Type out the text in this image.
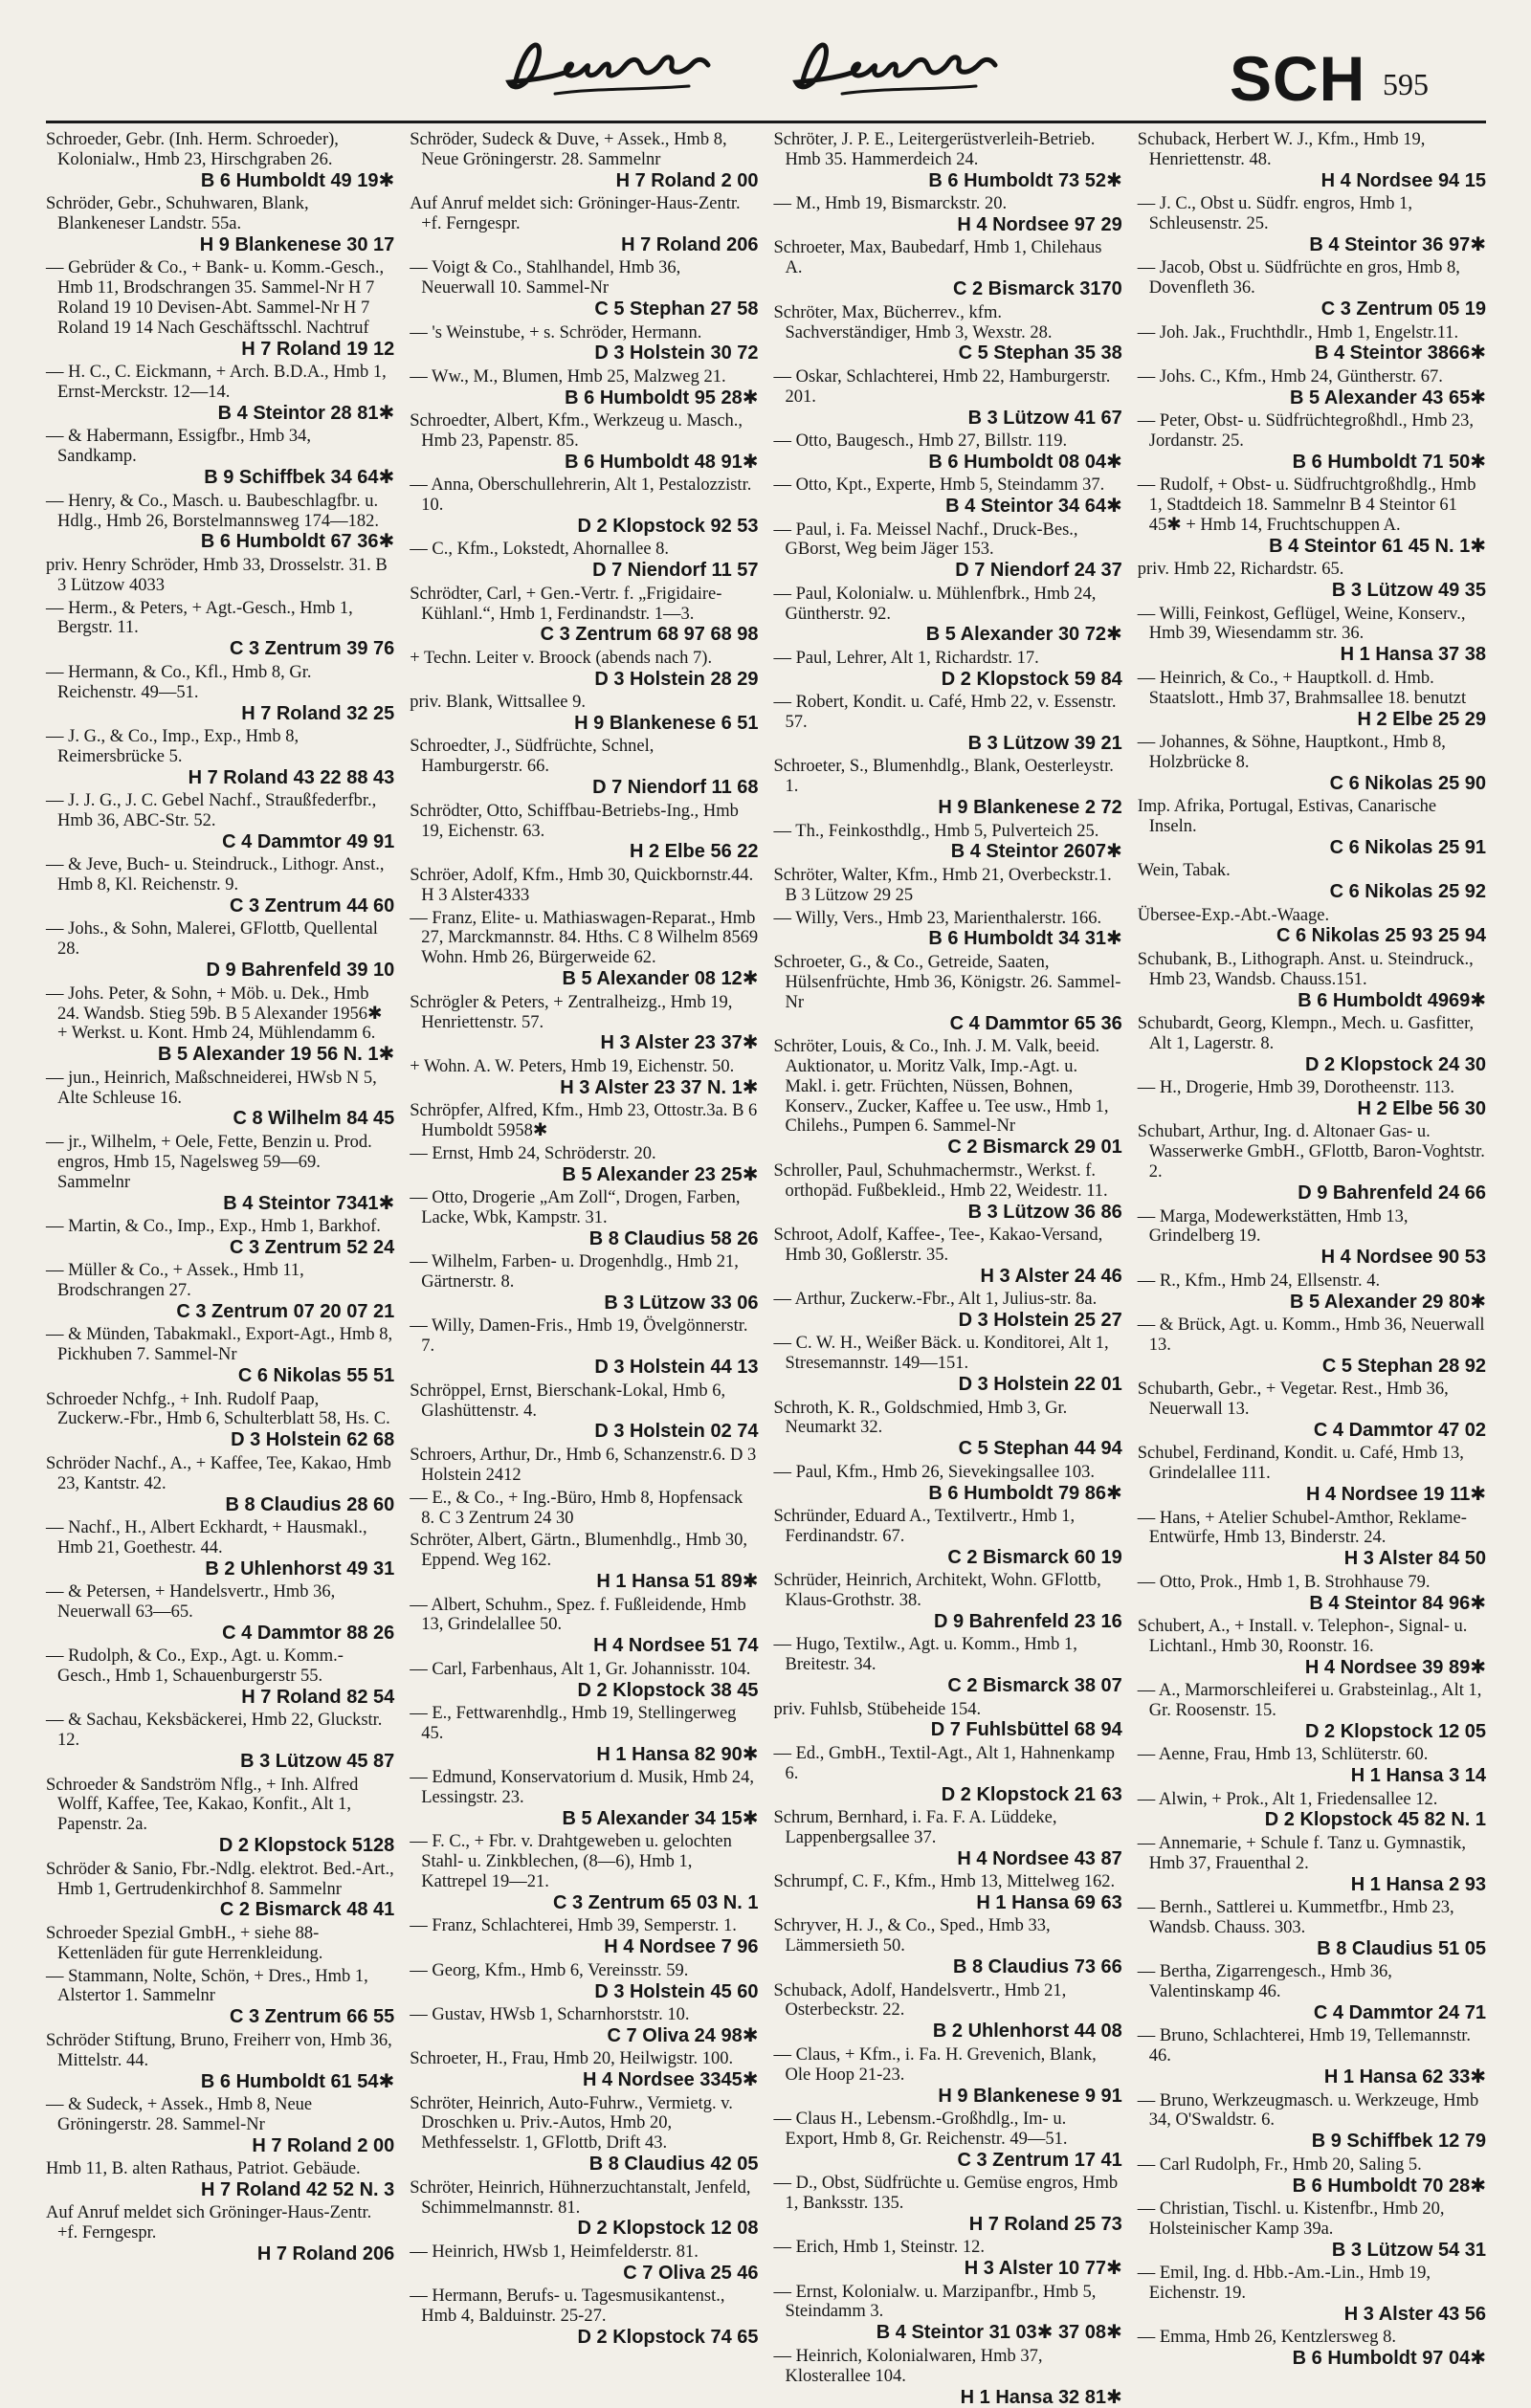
SCH 595
Schroeder, Gebr. (Inh. Herm. Schroeder), Kolonialw., Hmb 23, Hirschgraben 26.
B 6 Humboldt 49 19✱
Schröder, Gebr., Schuhwaren, Blank, Blankeneser Landstr. 55a.
H 9 Blankenese 30 17
— Gebrüder & Co., + Bank- u. Komm.-Gesch., Hmb 11, Brodschrangen 35. Sammel-Nr H 7 Roland 19 10 Devisen-Abt. Sammel-Nr H 7 Roland 19 14 Nach Geschäftsschl. Nachtruf
H 7 Roland 19 12
— H. C., C. Eickmann, + Arch. B.D.A., Hmb 1, Ernst-Merckstr. 12—14.
B 4 Steintor 28 81✱
— & Habermann, Essigfbr., Hmb 34, Sandkamp.
B 9 Schiffbek 34 64✱
— Henry, & Co., Masch. u. Baubeschlagfbr. u. Hdlg., Hmb 26, Borstelmannsweg 174—182.
B 6 Humboldt 67 36✱
priv. Henry Schröder, Hmb 33, Drosselstr. 31. B 3 Lützow 4033
— Herm., & Peters, + Agt.-Gesch., Hmb 1, Bergstr. 11.
C 3 Zentrum 39 76
— Hermann, & Co., Kfl., Hmb 8, Gr. Reichenstr. 49—51.
H 7 Roland 32 25
— J. G., & Co., Imp., Exp., Hmb 8, Reimersbrücke 5.
H 7 Roland 43 22 88 43
— J. J. G., J. C. Gebel Nachf., Straußfederfbr., Hmb 36, ABC-Str. 52.
C 4 Dammtor 49 91
— & Jeve, Buch- u. Steindruck., Lithogr. Anst., Hmb 8, Kl. Reichenstr. 9.
C 3 Zentrum 44 60
— Johs., & Sohn, Malerei, GFlottb, Quellental 28.
D 9 Bahrenfeld 39 10
— Johs. Peter, & Sohn, + Möb. u. Dek., Hmb 24. Wandsb. Stieg 59b. B 5 Alexander 1956✱ + Werkst. u. Kont. Hmb 24, Mühlendamm 6.
B 5 Alexander 19 56 N. 1✱
— jun., Heinrich, Maßschneiderei, HWsb N 5, Alte Schleuse 16.
C 8 Wilhelm 84 45
— jr., Wilhelm, + Oele, Fette, Benzin u. Prod. engros, Hmb 15, Nagelsweg 59—69. Sammelnr
B 4 Steintor 7341✱
— Martin, & Co., Imp., Exp., Hmb 1, Barkhof.
C 3 Zentrum 52 24
— Müller & Co., + Assek., Hmb 11, Brodschrangen 27.
C 3 Zentrum 07 20 07 21
— & Münden, Tabakmakl., Export-Agt., Hmb 8, Pickhuben 7. Sammel-Nr
C 6 Nikolas 55 51
Schroeder Nchfg., + Inh. Rudolf Paap, Zuckerw.-Fbr., Hmb 6, Schulterblatt 58, Hs. C.
D 3 Holstein 62 68
Schröder Nachf., A., + Kaffee, Tee, Kakao, Hmb 23, Kantstr. 42.
B 8 Claudius 28 60
— Nachf., H., Albert Eckhardt, + Hausmakl., Hmb 21, Goethestr. 44.
B 2 Uhlenhorst 49 31
— & Petersen, + Handelsvertr., Hmb 36, Neuerwall 63—65.
C 4 Dammtor 88 26
— Rudolph, & Co., Exp., Agt. u. Komm.-Gesch., Hmb 1, Schauenburgerstr 55.
H 7 Roland 82 54
— & Sachau, Keksbäckerei, Hmb 22, Gluckstr. 12.
B 3 Lützow 45 87
Schroeder & Sandström Nflg., + Inh. Alfred Wolff, Kaffee, Tee, Kakao, Konfit., Alt 1, Papenstr. 2a.
D 2 Klopstock 5128
Schröder & Sanio, Fbr.-Ndlg. elektrot. Bed.-Art., Hmb 1, Gertrudenkirchhof 8. Sammelnr
C 2 Bismarck 48 41
Schroeder Spezial GmbH., + siehe 88-Kettenläden für gute Herrenkleidung.
— Stammann, Nolte, Schön, + Dres., Hmb 1, Alstertor 1. Sammelnr
C 3 Zentrum 66 55
Schröder Stiftung, Bruno, Freiherr von, Hmb 36, Mittelstr. 44.
B 6 Humboldt 61 54✱
— & Sudeck, + Assek., Hmb 8, Neue Gröningerstr. 28. Sammel-Nr
H 7 Roland 2 00
Hmb 11, B. alten Rathaus, Patriot. Gebäude.
H 7 Roland 42 52 N. 3
Auf Anruf meldet sich Gröninger-Haus-Zentr. +f. Ferngespr.
H 7 Roland 206
Schröder, Sudeck & Duve, + Assek., Hmb 8, Neue Gröningerstr. 28. Sammelnr
H 7 Roland 2 00
Auf Anruf meldet sich: Gröninger-Haus-Zentr. +f. Ferngespr.
H 7 Roland 206
— Voigt & Co., Stahlhandel, Hmb 36, Neuerwall 10. Sammel-Nr
C 5 Stephan 27 58
— 's Weinstube, + s. Schröder, Hermann.
D 3 Holstein 30 72
— Ww., M., Blumen, Hmb 25, Malzweg 21.
B 6 Humboldt 95 28✱
Schroedter, Albert, Kfm., Werkzeug u. Masch., Hmb 23, Papenstr. 85.
B 6 Humboldt 48 91✱
— Anna, Oberschullehrerin, Alt 1, Pestalozzistr. 10.
D 2 Klopstock 92 53
— C., Kfm., Lokstedt, Ahornallee 8.
D 7 Niendorf 11 57
Schrödter, Carl, + Gen.-Vertr. f. „Frigidaire-Kühlanl.“, Hmb 1, Ferdinandstr. 1—3.
C 3 Zentrum 68 97 68 98
+ Techn. Leiter v. Broock (abends nach 7).
D 3 Holstein 28 29
priv. Blank, Wittsallee 9.
H 9 Blankenese 6 51
Schroedter, J., Südfrüchte, Schnel, Hamburgerstr. 66.
D 7 Niendorf 11 68
Schrödter, Otto, Schiffbau-Betriebs-Ing., Hmb 19, Eichenstr. 63.
H 2 Elbe 56 22
Schröer, Adolf, Kfm., Hmb 30, Quickbornstr.44. H 3 Alster4333
— Franz, Elite- u. Mathiaswagen-Reparat., Hmb 27, Marckmannstr. 84. Hths. C 8 Wilhelm 8569 Wohn. Hmb 26, Bürgerweide 62.
B 5 Alexander 08 12✱
Schrögler & Peters, + Zentralheizg., Hmb 19, Henriettenstr. 57.
H 3 Alster 23 37✱
+ Wohn. A. W. Peters, Hmb 19, Eichenstr. 50.
H 3 Alster 23 37 N. 1✱
Schröpfer, Alfred, Kfm., Hmb 23, Ottostr.3a. B 6 Humboldt 5958✱
— Ernst, Hmb 24, Schröderstr. 20.
B 5 Alexander 23 25✱
— Otto, Drogerie „Am Zoll“, Drogen, Farben, Lacke, Wbk, Kampstr. 31.
B 8 Claudius 58 26
— Wilhelm, Farben- u. Drogenhdlg., Hmb 21, Gärtnerstr. 8.
B 3 Lützow 33 06
— Willy, Damen-Fris., Hmb 19, Övelgönnerstr. 7.
D 3 Holstein 44 13
Schröppel, Ernst, Bierschank-Lokal, Hmb 6, Glashüttenstr. 4.
D 3 Holstein 02 74
Schroers, Arthur, Dr., Hmb 6, Schanzenstr.6. D 3 Holstein 2412
— E., & Co., + Ing.-Büro, Hmb 8, Hopfensack 8. C 3 Zentrum 24 30
Schröter, Albert, Gärtn., Blumenhdlg., Hmb 30, Eppend. Weg 162.
H 1 Hansa 51 89✱
— Albert, Schuhm., Spez. f. Fußleidende, Hmb 13, Grindelallee 50.
H 4 Nordsee 51 74
— Carl, Farbenhaus, Alt 1, Gr. Johannisstr. 104.
D 2 Klopstock 38 45
— E., Fettwarenhdlg., Hmb 19, Stellingerweg 45.
H 1 Hansa 82 90✱
— Edmund, Konservatorium d. Musik, Hmb 24, Lessingstr. 23.
B 5 Alexander 34 15✱
— F. C., + Fbr. v. Drahtgeweben u. gelochten Stahl- u. Zinkblechen, (8—6), Hmb 1, Kattrepel 19—21.
C 3 Zentrum 65 03 N. 1
— Franz, Schlachterei, Hmb 39, Semperstr. 1.
H 4 Nordsee 7 96
— Georg, Kfm., Hmb 6, Vereinsstr. 59.
D 3 Holstein 45 60
— Gustav, HWsb 1, Scharnhorststr. 10.
C 7 Oliva 24 98✱
Schroeter, H., Frau, Hmb 20, Heilwigstr. 100.
H 4 Nordsee 3345✱
Schröter, Heinrich, Auto-Fuhrw., Vermietg. v. Droschken u. Priv.-Autos, Hmb 20, Methfesselstr. 1, GFlottb, Drift 43.
B 8 Claudius 42 05
Schröter, Heinrich, Hühnerzuchtanstalt, Jenfeld, Schimmelmannstr. 81.
D 2 Klopstock 12 08
— Heinrich, HWsb 1, Heimfelderstr. 81.
C 7 Oliva 25 46
— Hermann, Berufs- u. Tagesmusikantenst., Hmb 4, Balduinstr. 25-27.
D 2 Klopstock 74 65
Schröter, J. P. E., Leitergerüstverleih-Betrieb. Hmb 35. Hammerdeich 24.
B 6 Humboldt 73 52✱
— M., Hmb 19, Bismarckstr. 20.
H 4 Nordsee 97 29
Schroeter, Max, Baubedarf, Hmb 1, Chilehaus A.
C 2 Bismarck 3170
Schröter, Max, Bücherrev., kfm. Sachverständiger, Hmb 3, Wexstr. 28.
C 5 Stephan 35 38
— Oskar, Schlachterei, Hmb 22, Hamburgerstr. 201.
B 3 Lützow 41 67
— Otto, Baugesch., Hmb 27, Billstr. 119.
B 6 Humboldt 08 04✱
— Otto, Kpt., Experte, Hmb 5, Steindamm 37.
B 4 Steintor 34 64✱
— Paul, i. Fa. Meissel Nachf., Druck-Bes., GBorst, Weg beim Jäger 153.
D 7 Niendorf 24 37
— Paul, Kolonialw. u. Mühlenfbrk., Hmb 24, Güntherstr. 92.
B 5 Alexander 30 72✱
— Paul, Lehrer, Alt 1, Richardstr. 17.
D 2 Klopstock 59 84
— Robert, Kondit. u. Café, Hmb 22, v. Essenstr. 57.
B 3 Lützow 39 21
Schroeter, S., Blumenhdlg., Blank, Oesterleystr. 1.
H 9 Blankenese 2 72
— Th., Feinkosthdlg., Hmb 5, Pulverteich 25.
B 4 Steintor 2607✱
Schröter, Walter, Kfm., Hmb 21, Overbeckstr.1. B 3 Lützow 29 25
— Willy, Vers., Hmb 23, Marienthalerstr. 166.
B 6 Humboldt 34 31✱
Schroeter, G., & Co., Getreide, Saaten, Hülsenfrüchte, Hmb 36, Königstr. 26. Sammel-Nr
C 4 Dammtor 65 36
Schröter, Louis, & Co., Inh. J. M. Valk, beeid. Auktionator, u. Moritz Valk, Imp.-Agt. u. Makl. i. getr. Früchten, Nüssen, Bohnen, Konserv., Zucker, Kaffee u. Tee usw., Hmb 1, Chilehs., Pumpen 6. Sammel-Nr
C 2 Bismarck 29 01
Schroller, Paul, Schuhmachermstr., Werkst. f. orthopäd. Fußbekleid., Hmb 22, Weidestr. 11.
B 3 Lützow 36 86
Schroot, Adolf, Kaffee-, Tee-, Kakao-Versand, Hmb 30, Goßlerstr. 35.
H 3 Alster 24 46
— Arthur, Zuckerw.-Fbr., Alt 1, Julius-str. 8a.
D 3 Holstein 25 27
— C. W. H., Weißer Bäck. u. Konditorei, Alt 1, Stresemannstr. 149—151.
D 3 Holstein 22 01
Schroth, K. R., Goldschmied, Hmb 3, Gr. Neumarkt 32.
C 5 Stephan 44 94
— Paul, Kfm., Hmb 26, Sievekingsallee 103.
B 6 Humboldt 79 86✱
Schründer, Eduard A., Textilvertr., Hmb 1, Ferdinandstr. 67.
C 2 Bismarck 60 19
Schrüder, Heinrich, Architekt, Wohn. GFlottb, Klaus-Grothstr. 38.
D 9 Bahrenfeld 23 16
— Hugo, Textilw., Agt. u. Komm., Hmb 1, Breitestr. 34.
C 2 Bismarck 38 07
priv. Fuhlsb, Stübeheide 154.
D 7 Fuhlsbüttel 68 94
— Ed., GmbH., Textil-Agt., Alt 1, Hahnenkamp 6.
D 2 Klopstock 21 63
Schrum, Bernhard, i. Fa. F. A. Lüddeke, Lappenbergsallee 37.
H 4 Nordsee 43 87
Schrumpf, C. F., Kfm., Hmb 13, Mittelweg 162.
H 1 Hansa 69 63
Schryver, H. J., & Co., Sped., Hmb 33, Lämmersieth 50.
B 8 Claudius 73 66
Schuback, Adolf, Handelsvertr., Hmb 21, Osterbeckstr. 22.
B 2 Uhlenhorst 44 08
— Claus, + Kfm., i. Fa. H. Grevenich, Blank, Ole Hoop 21-23.
H 9 Blankenese 9 91
— Claus H., Lebensm.-Großhdlg., Im- u. Export, Hmb 8, Gr. Reichenstr. 49—51.
C 3 Zentrum 17 41
— D., Obst, Südfrüchte u. Gemüse engros, Hmb 1, Banksstr. 135.
H 7 Roland 25 73
— Erich, Hmb 1, Steinstr. 12.
H 3 Alster 10 77✱
— Ernst, Kolonialw. u. Marzipanfbr., Hmb 5, Steindamm 3.
B 4 Steintor 31 03✱ 37 08✱
— Heinrich, Kolonialwaren, Hmb 37, Klosterallee 104.
H 1 Hansa 32 81✱
Schuback, Herbert W. J., Kfm., Hmb 19, Henriettenstr. 48.
H 4 Nordsee 94 15
— J. C., Obst u. Südfr. engros, Hmb 1, Schleusenstr. 25.
B 4 Steintor 36 97✱
— Jacob, Obst u. Südfrüchte en gros, Hmb 8, Dovenfleth 36.
C 3 Zentrum 05 19
— Joh. Jak., Fruchthdlr., Hmb 1, Engelstr.11.
B 4 Steintor 3866✱
— Johs. C., Kfm., Hmb 24, Güntherstr. 67.
B 5 Alexander 43 65✱
— Peter, Obst- u. Südfrüchtegroßhdl., Hmb 23, Jordanstr. 25.
B 6 Humboldt 71 50✱
— Rudolf, + Obst- u. Südfruchtgroßhdlg., Hmb 1, Stadtdeich 18. Sammelnr B 4 Steintor 61 45✱ + Hmb 14, Fruchtschuppen A.
B 4 Steintor 61 45 N. 1✱
priv. Hmb 22, Richardstr. 65.
B 3 Lützow 49 35
— Willi, Feinkost, Geflügel, Weine, Konserv., Hmb 39, Wiesendamm str. 36.
H 1 Hansa 37 38
— Heinrich, & Co., + Hauptkoll. d. Hmb. Staatslott., Hmb 37, Brahmsallee 18. benutzt
H 2 Elbe 25 29
— Johannes, & Söhne, Hauptkont., Hmb 8, Holzbrücke 8.
C 6 Nikolas 25 90
Imp. Afrika, Portugal, Estivas, Canarische Inseln.
C 6 Nikolas 25 91
Wein, Tabak.
C 6 Nikolas 25 92
Übersee-Exp.-Abt.-Waage.
C 6 Nikolas 25 93 25 94
Schubank, B., Lithograph. Anst. u. Steindruck., Hmb 23, Wandsb. Chauss.151.
B 6 Humboldt 4969✱
Schubardt, Georg, Klempn., Mech. u. Gasfitter, Alt 1, Lagerstr. 8.
D 2 Klopstock 24 30
— H., Drogerie, Hmb 39, Dorotheenstr. 113.
H 2 Elbe 56 30
Schubart, Arthur, Ing. d. Altonaer Gas- u. Wasserwerke GmbH., GFlottb, Baron-Voghtstr. 2.
D 9 Bahrenfeld 24 66
— Marga, Modewerkstätten, Hmb 13, Grindelberg 19.
H 4 Nordsee 90 53
— R., Kfm., Hmb 24, Ellsenstr. 4.
B 5 Alexander 29 80✱
— & Brück, Agt. u. Komm., Hmb 36, Neuerwall 13.
C 5 Stephan 28 92
Schubarth, Gebr., + Vegetar. Rest., Hmb 36, Neuerwall 13.
C 4 Dammtor 47 02
Schubel, Ferdinand, Kondit. u. Café, Hmb 13, Grindelallee 111.
H 4 Nordsee 19 11✱
— Hans, + Atelier Schubel-Amthor, Reklame-Entwürfe, Hmb 13, Binderstr. 24.
H 3 Alster 84 50
— Otto, Prok., Hmb 1, B. Strohhause 79.
B 4 Steintor 84 96✱
Schubert, A., + Install. v. Telephon-, Signal- u. Lichtanl., Hmb 30, Roonstr. 16.
H 4 Nordsee 39 89✱
— A., Marmorschleiferei u. Grabsteinlag., Alt 1, Gr. Roosenstr. 15.
D 2 Klopstock 12 05
— Aenne, Frau, Hmb 13, Schlüterstr. 60.
H 1 Hansa 3 14
— Alwin, + Prok., Alt 1, Friedensallee 12.
D 2 Klopstock 45 82 N. 1
— Annemarie, + Schule f. Tanz u. Gymnastik, Hmb 37, Frauenthal 2.
H 1 Hansa 2 93
— Bernh., Sattlerei u. Kummetfbr., Hmb 23, Wandsb. Chauss. 303.
B 8 Claudius 51 05
— Bertha, Zigarrengesch., Hmb 36, Valentinskamp 46.
C 4 Dammtor 24 71
— Bruno, Schlachterei, Hmb 19, Tellemannstr. 46.
H 1 Hansa 62 33✱
— Bruno, Werkzeugmasch. u. Werkzeuge, Hmb 34, O'Swaldstr. 6.
B 9 Schiffbek 12 79
— Carl Rudolph, Fr., Hmb 20, Saling 5.
B 6 Humboldt 70 28✱
— Christian, Tischl. u. Kistenfbr., Hmb 20, Holsteinischer Kamp 39a.
B 3 Lützow 54 31
— Emil, Ing. d. Hbb.-Am.-Lin., Hmb 19, Eichenstr. 19.
H 3 Alster 43 56
— Emma, Hmb 26, Kentzlersweg 8.
B 6 Humboldt 97 04✱
